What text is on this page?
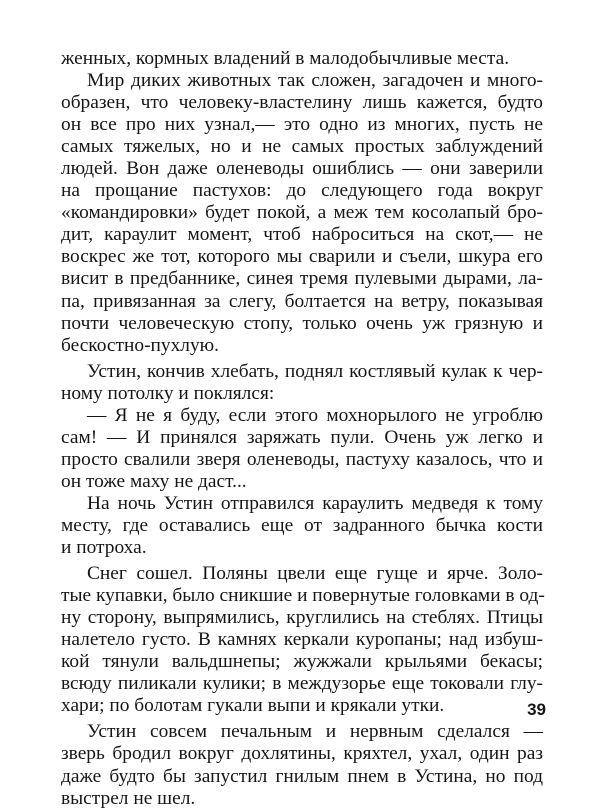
женных, кормных владений в малодобычливые места.
Мир диких животных так сложен, загадочен и много-
образен, что человеку-властелину лишь кажется, будто
он все про них узнал,— это одно из многих, пусть не
самых тяжелых, но и не самых простых заблуждений
людей. Вон даже оленеводы ошиблись — они заверили
на прощание пастухов: до следующего года вокруг
«командировки» будет покой, а меж тем косолапый бро-
дит, караулит момент, чтоб наброситься на скот,— не
воскрес же тот, которого мы сварили и съели, шкура его
висит в предбаннике, синея тремя пулевыми дырами, ла-
па, привязанная за слегу, болтается на ветру, показывая
почти человеческую стопу, только очень уж грязную и
бескостно-пухлую.
Устин, кончив хлебать, поднял костлявый кулак к чер-
ному потолку и поклялся:
— Я не я буду, если этого мохнорылого не угроблю
сам! — И принялся заряжать пули. Очень уж легко и
просто свалили зверя оленеводы, пастуху казалось, что и
он тоже маху не даст...
На ночь Устин отправился караулить медведя к тому
месту, где оставались еще от задранного бычка кости
и потроха.
Снег сошел. Поляны цвели еще гуще и ярче. Золо-
тые купавки, было сникшие и повернутые головками в од-
ну сторону, выпрямились, круглились на стеблях. Птицы
налетело густо. В камнях керкали куропаны; над избуш-
кой тянули вальдшнепы; жужжали крыльями бекасы;
всюду пиликали кулики; в междузорье еще токовали глу-
хари; по болотам гукали выпи и крякали утки.
Устин совсем печальным и нервным сделался —
зверь бродил вокруг дохлятины, кряхтел, ухал, один раз
даже будто бы запустил гнилым пнем в Устина, но под
выстрел не шел.
39
